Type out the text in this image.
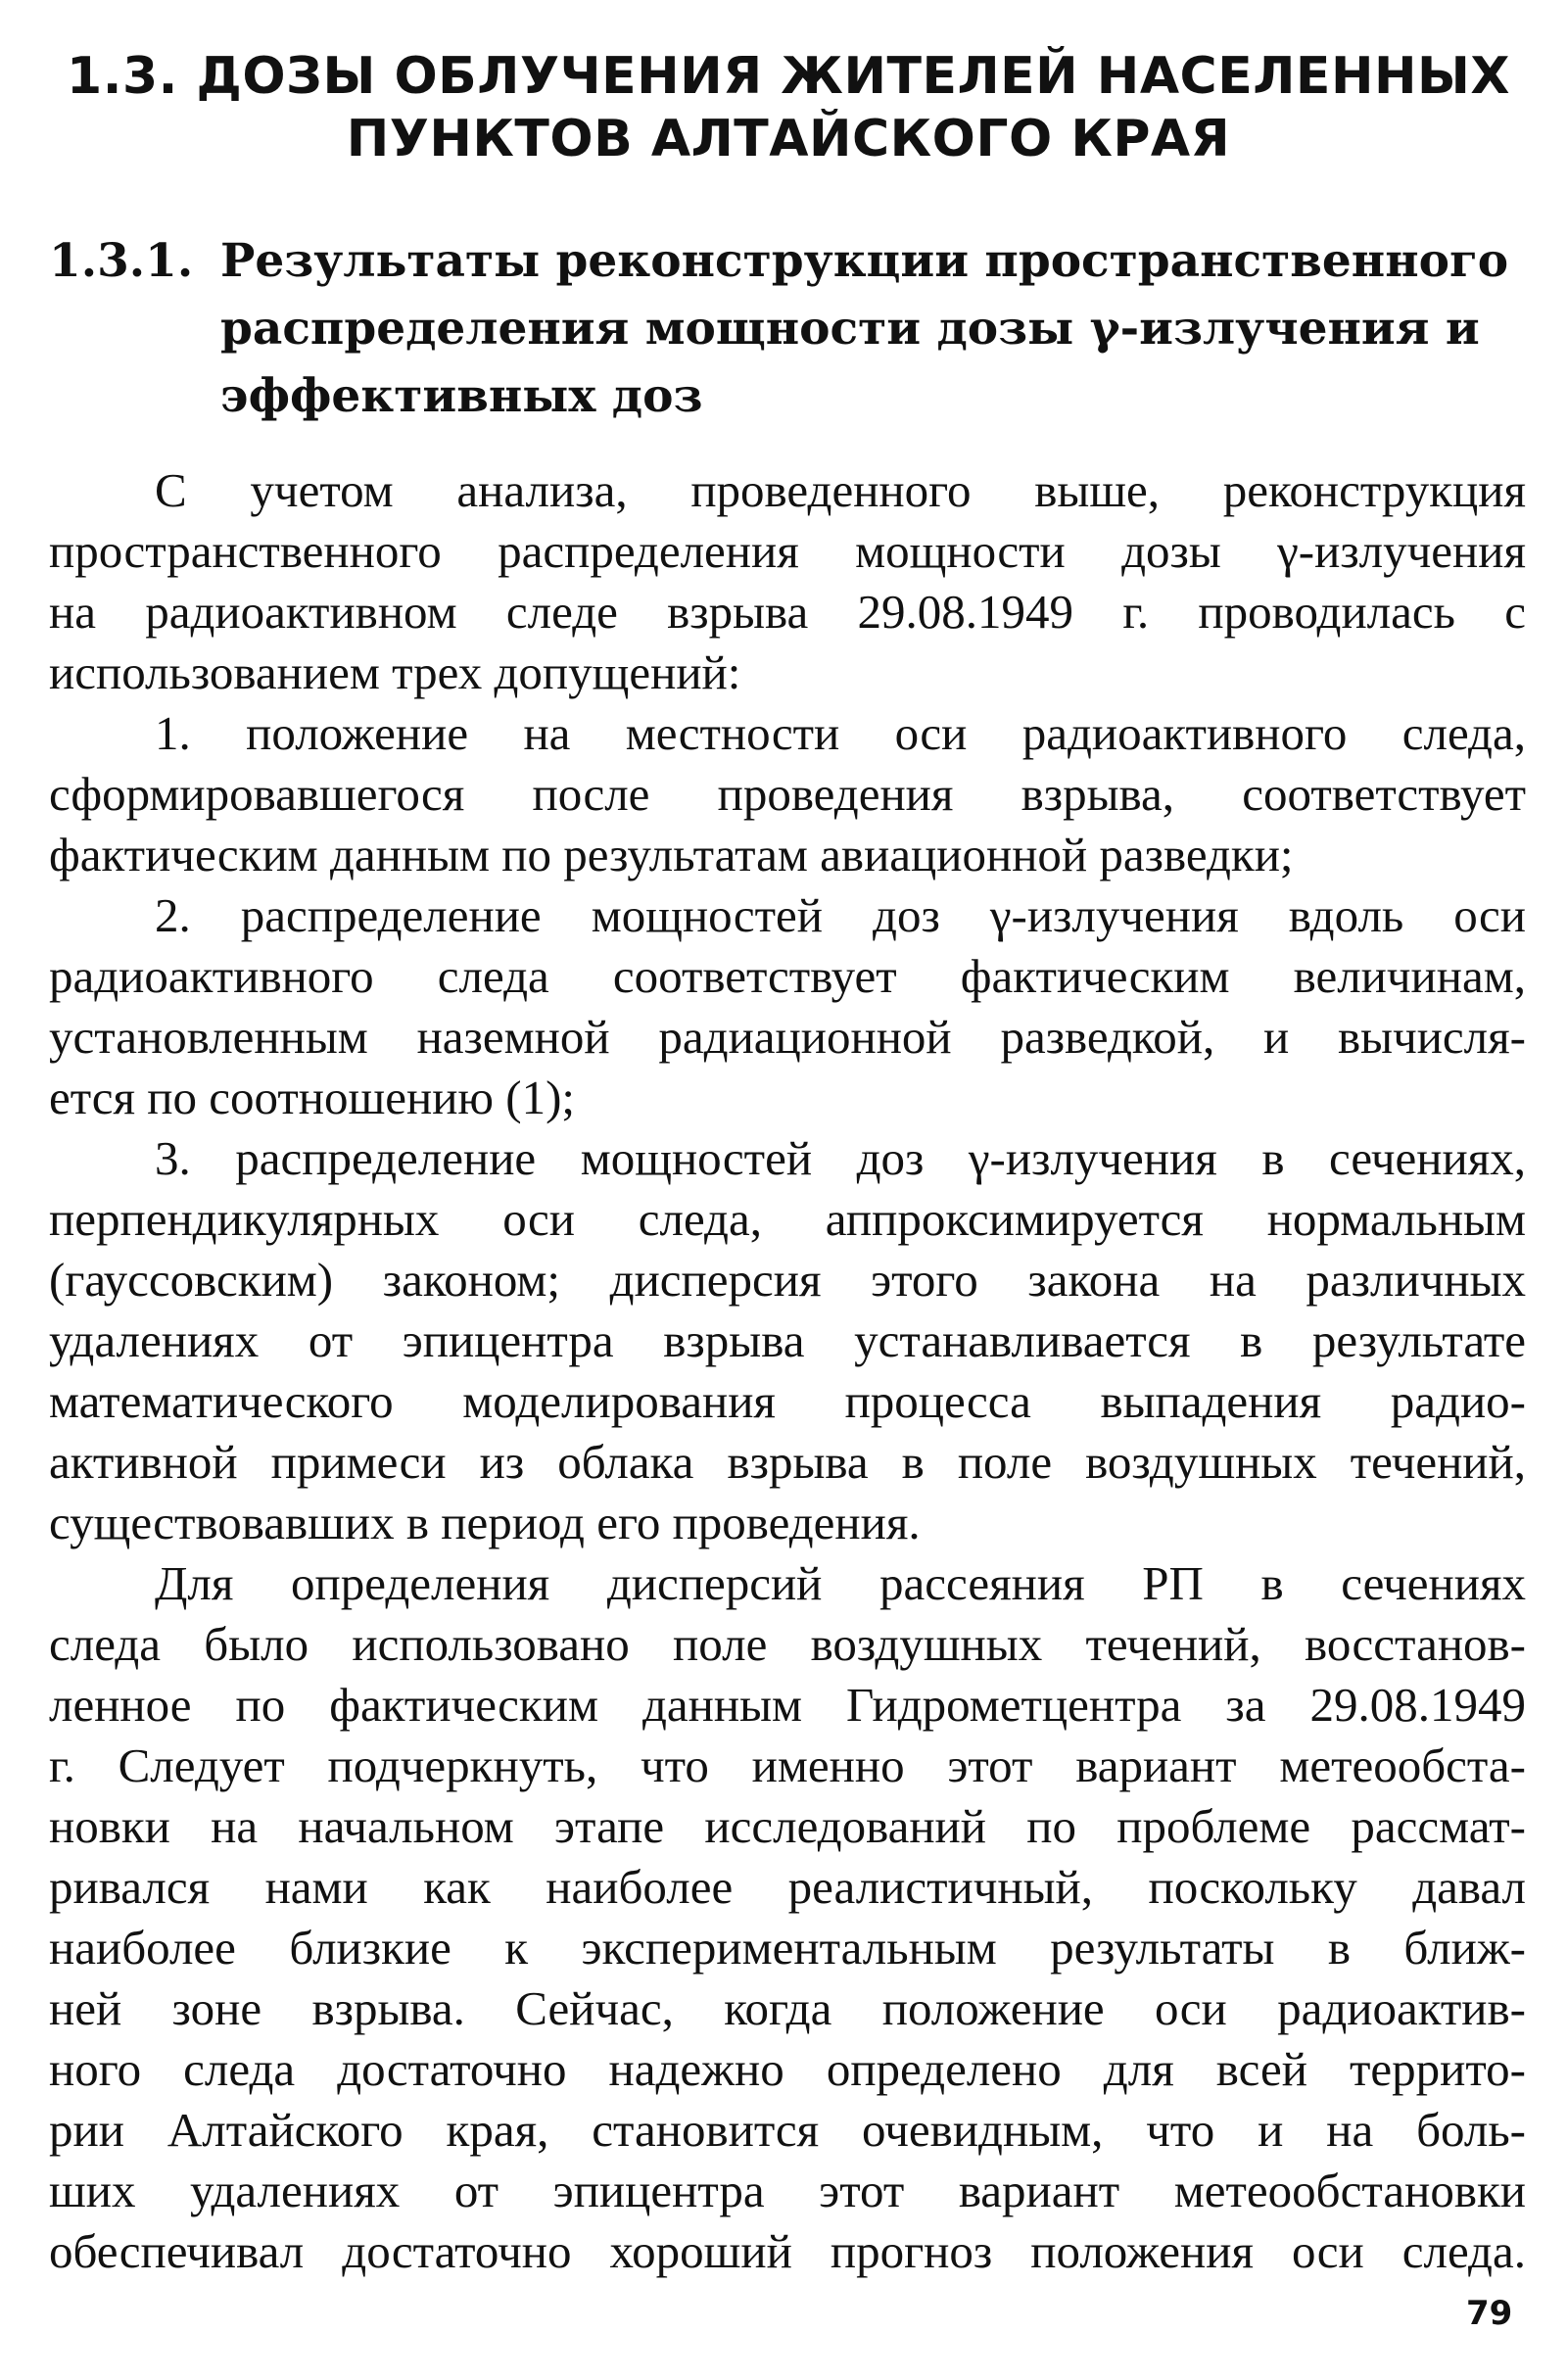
1.3. ДОЗЫ ОБЛУЧЕНИЯ ЖИТЕЛЕЙ НАСЕЛЕННЫХ
ПУНКТОВ АЛТАЙСКОГО КРАЯ
1.3.1. Результаты реконструкции пространственного
распределения мощности дозы γ-излучения и
эффективных доз
С учетом анализа, проведенного выше, реконструкция
пространственного распределения мощности дозы γ-излучения
на радиоактивном следе взрыва 29.08.1949 г. проводилась с
использованием трех допущений:
1. положение на местности оси радиоактивного следа,
сформировавшегося после проведения взрыва, соответствует
фактическим данным по результатам авиационной разведки;
2. распределение мощностей доз γ-излучения вдоль оси
радиоактивного следа соответствует фактическим величинам,
установленным наземной радиационной разведкой, и вычисля-
ется по соотношению (1);
3. распределение мощностей доз γ-излучения в сечениях,
перпендикулярных оси следа, аппроксимируется нормальным
(гауссовским) законом; дисперсия этого закона на различных
удалениях от эпицентра взрыва устанавливается в результате
математического моделирования процесса выпадения радио-
активной примеси из облака взрыва в поле воздушных течений,
существовавших в период его проведения.
Для определения дисперсий рассеяния РП в сечениях
следа было использовано поле воздушных течений, восстанов-
ленное по фактическим данным Гидрометцентра за 29.08.1949
г. Следует подчеркнуть, что именно этот вариант метеообста-
новки на начальном этапе исследований по проблеме рассмат-
ривался нами как наиболее реалистичный, поскольку давал
наиболее близкие к экспериментальным результаты в ближ-
ней зоне взрыва. Сейчас, когда положение оси радиоактив-
ного следа достаточно надежно определено для всей террито-
рии Алтайского края, становится очевидным, что и на боль-
ших удалениях от эпицентра этот вариант метеообстановки
обеспечивал достаточно хороший прогноз положения оси следа.
79
